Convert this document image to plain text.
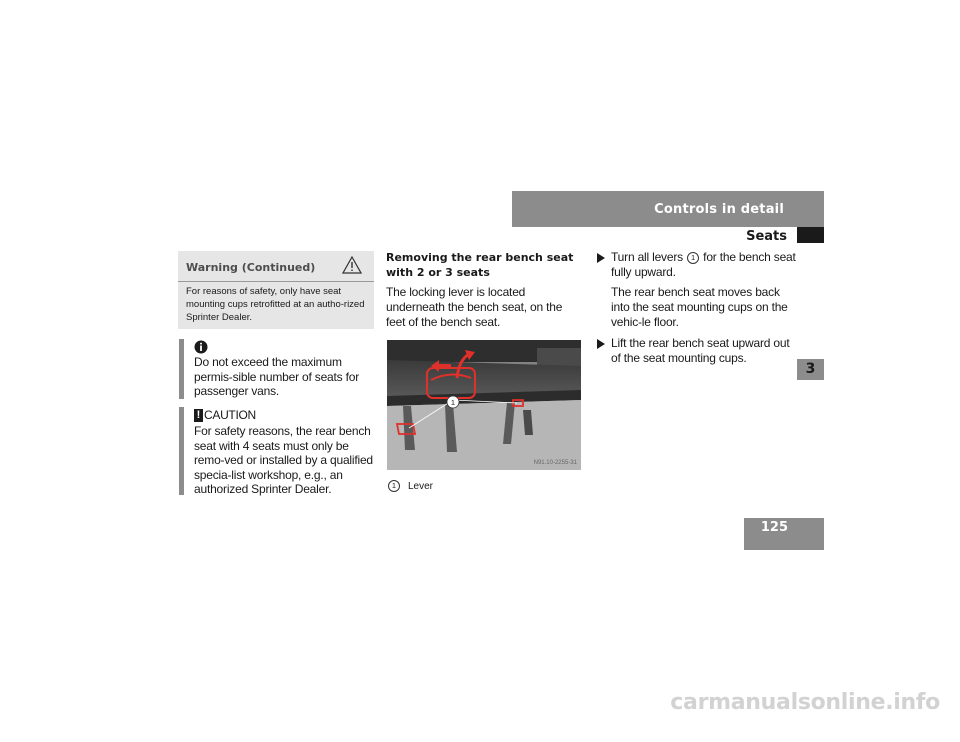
Controls in detail
Seats
3
125
Warning (Continued)
For reasons of safety, only have seat mounting cups retrofitted at an autho-rized Sprinter Dealer.
Do not exceed the maximum permis-sible number of seats for passenger vans.
! CAUTION
For safety reasons, the rear bench seat with 4 seats must only be remo-ved or installed by a qualified specia-list workshop, e.g., an authorized Sprinter Dealer.
Removing the rear bench seat with 2 or 3 seats
The locking lever is located underneath the bench seat, on the feet of the bench seat.
1
N91.10-2255-31
1	Lever
Turn all levers 1 for the bench seat fully upward.
The rear bench seat moves back into the seat mounting cups on the vehic-le floor.
Lift the rear bench seat upward out of the seat mounting cups.
carmanualsonline.info
